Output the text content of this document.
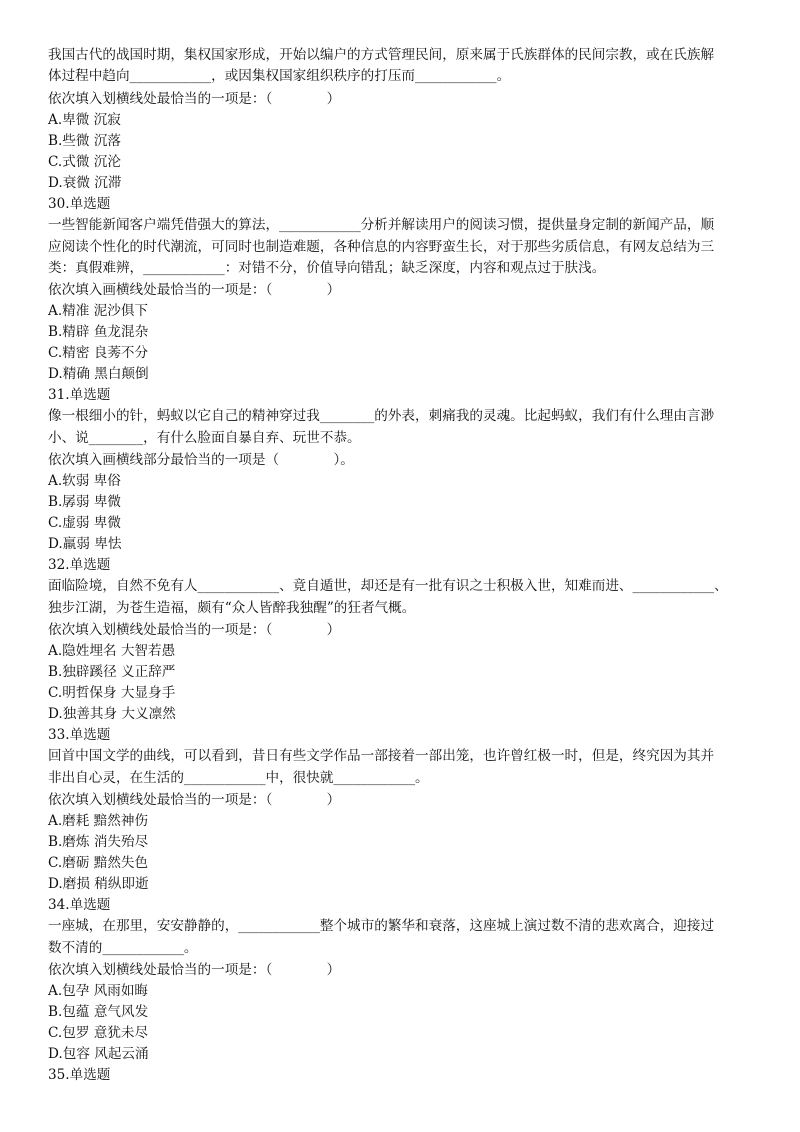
我国古代的战国时期，集权国家形成，开始以编户的方式管理民间，原来属于氏族群体的民间宗教，或在氏族解
体过程中趋向____________，或因集权国家组织秩序的打压而____________。
依次填入划横线处最恰当的一项是：（　　　　）
A.卑微 沉寂
B.些微 沉落
C.式微 沉沦
D.衰微 沉滞
30.单选题
一些智能新闻客户端凭借强大的算法，____________分析并解读用户的阅读习惯，提供量身定制的新闻产品，顺
应阅读个性化的时代潮流，可同时也制造难题，各种信息的内容野蛮生长，对于那些劣质信息，有网友总结为三
类：真假难辨，____________：对错不分，价值导向错乱；缺乏深度，内容和观点过于肤浅。
依次填入画横线处最恰当的一项是：（　　　　）
A.精准 泥沙俱下
B.精辟 鱼龙混杂
C.精密 良莠不分
D.精确 黑白颠倒
31.单选题
像一根细小的针，蚂蚁以它自己的精神穿过我________的外表，刺痛我的灵魂。比起蚂蚁，我们有什么理由言渺
小、说________，有什么脸面自暴自弃、玩世不恭。
依次填入画横线部分最恰当的一项是（　　　　）。
A.软弱 卑俗
B.孱弱 卑微
C.虚弱 卑微
D.羸弱 卑怯
32.单选题
面临险境，自然不免有人____________、竟自遁世，却还是有一批有识之士积极入世，知难而进、____________、
独步江湖，为苍生造福，颇有“众人皆醉我独醒”的狂者气概。
依次填入划横线处最恰当的一项是：（　　　　）
A.隐姓埋名 大智若愚
B.独辟蹊径 义正辞严
C.明哲保身 大显身手
D.独善其身 大义凛然
33.单选题
回首中国文学的曲线，可以看到，昔日有些文学作品一部接着一部出笼，也许曾红极一时，但是，终究因为其并
非出自心灵，在生活的____________中，很快就____________。
依次填入划横线处最恰当的一项是：（　　　　）
A.磨耗 黯然神伤
B.磨炼 消失殆尽
C.磨砺 黯然失色
D.磨损 稍纵即逝
34.单选题
一座城，在那里，安安静静的，____________整个城市的繁华和衰落，这座城上演过数不清的悲欢离合，迎接过
数不清的____________。
依次填入划横线处最恰当的一项是：（　　　　）
A.包孕 风雨如晦
B.包蕴 意气风发
C.包罗 意犹未尽
D.包容 风起云涌
35.单选题
